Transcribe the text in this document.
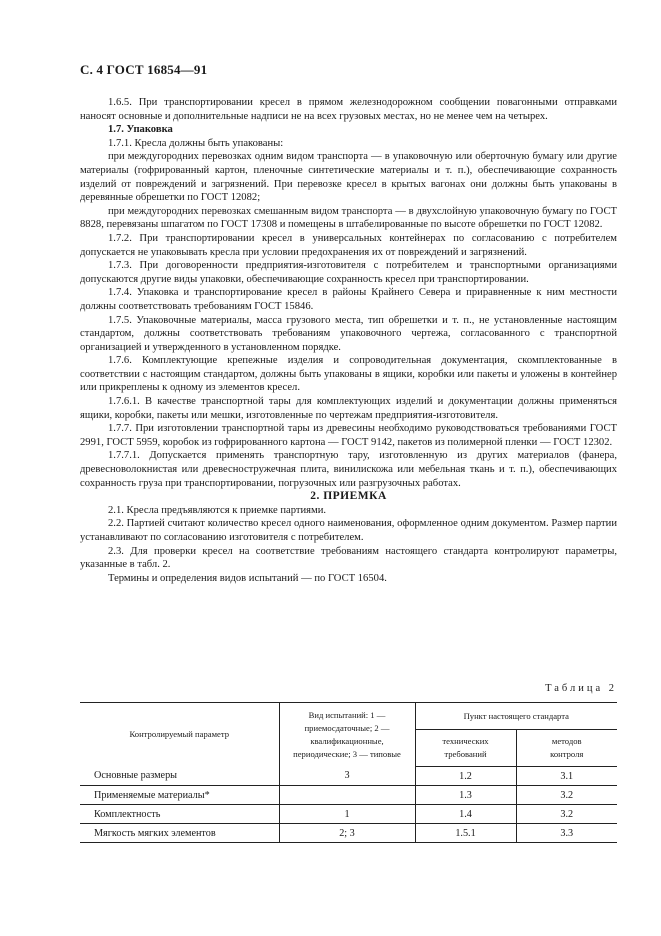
С. 4 ГОСТ 16854—91

1.6.5. При транспортировании кресел в прямом железнодорожном сообщении повагонными отправками наносят основные и дополнительные надписи не на всех грузовых местах, но не менее чем на четырех.

1.7. Упаковка

1.7.1. Кресла должны быть упакованы:

при междугородних перевозках одним видом транспорта — в упаковочную или оберточную бумагу или другие материалы (гофрированный картон, пленочные синтетические материалы и т. п.), обеспечивающие сохранность изделий от повреждений и загрязнений. При перевозке кресел в крытых вагонах они должны быть упакованы в деревянные обрешетки по ГОСТ 12082;

при междугородних перевозках смешанным видом транспорта — в двухслойную упаковочную бумагу по ГОСТ 8828, перевязаны шпагатом по ГОСТ 17308 и помещены в штабелированные по высоте обрешетки по ГОСТ 12082.

1.7.2. При транспортировании кресел в универсальных контейнерах по согласованию с потребителем допускается не упаковывать кресла при условии предохранения их от повреждений и загрязнений.

1.7.3. При договоренности предприятия-изготовителя с потребителем и транспортными организациями допускаются другие виды упаковки, обеспечивающие сохранность кресел при транспортировании.

1.7.4. Упаковка и транспортирование кресел в районы Крайнего Севера и приравненные к ним местности должны соответствовать требованиям ГОСТ 15846.

1.7.5. Упаковочные материалы, масса грузового места, тип обрешетки и т. п., не установленные настоящим стандартом, должны соответствовать требованиям упаковочного чертежа, согласованного с транспортной организацией и утвержденного в установленном порядке.

1.7.6. Комплектующие крепежные изделия и сопроводительная документация, скомплектованные в соответствии с настоящим стандартом, должны быть упакованы в ящики, коробки или пакеты и уложены в контейнер или прикреплены к одному из элементов кресел.

1.7.6.1. В качестве транспортной тары для комплектующих изделий и документации должны применяться ящики, коробки, пакеты или мешки, изготовленные по чертежам предприятия-изготовителя.

1.7.7. При изготовлении транспортной тары из древесины необходимо руководствоваться требованиями ГОСТ 2991, ГОСТ 5959, коробок из гофрированного картона — ГОСТ 9142, пакетов из полимерной пленки — ГОСТ 12302.

1.7.7.1. Допускается применять транспортную тару, изготовленную из других материалов (фанера, древесноволокнистая или древесностружечная плита, винилискожа или мебельная ткань и т. п.), обеспечивающих сохранность груза при транспортировании, погрузочных или разгрузочных работах.

2. ПРИЕМКА

2.1. Кресла предъявляются к приемке партиями.

2.2. Партией считают количество кресел одного наименования, оформленное одним документом. Размер партии устанавливают по согласованию изготовителя с потребителем.

2.3. Для проверки кресел на соответствие требованиям настоящего стандарта контролируют параметры, указанные в табл. 2.

Термины и определения видов испытаний — по ГОСТ 16504.

Таблица 2
Контролируемый параметр	Вид испытаний: 1 — приемосдаточные; 2 — квалификационные, периодические; 3 — типовые	Пункт настоящего стандарта	
		технических требований	методов контроля
Основные размеры	3	1.2	3.1
Применяемые материалы*		1.3	3.2
Комплектность	1	1.4	3.2
Мягкость мягких элементов	2; 3	1.5.1	3.3
